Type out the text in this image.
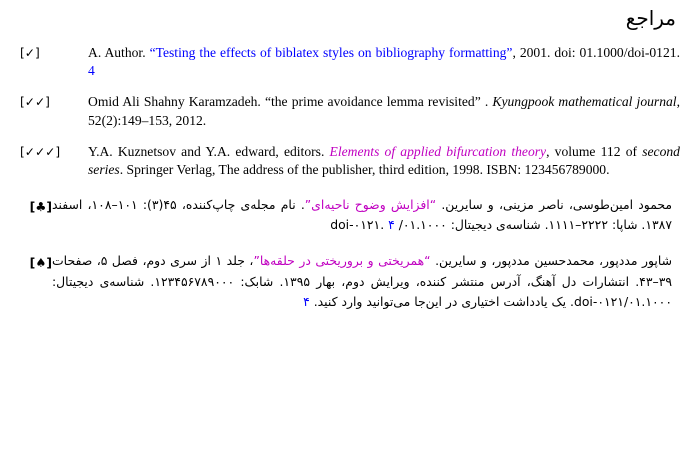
مراجع
[✓]	A. Author. “Testing the effects of biblatex styles on bibliography formatting”, 2001. doi: 01.1000/doi-0121. 4
[✓✓]	Omid Ali Shahny Karamzadeh. “the prime avoidance lemma revisited” . Kyungpook mathematical journal, 52(2):149–153, 2012.
[✓✓✓]	Y.A. Kuznetsov and Y.A. edward, editors. Elements of applied bifurcation theory, volume 112 of second series. Springer Verlag, The address of the publisher, third edition, 1998. ISBN: 123456789000.
[♣]	محمود امین‌طوسی، ناصر مزینی، و سایرین. “افزایش وضوح ناحیه‌ای”. نام مجله‌ی چاپ‌کننده، ۴۵(۳): ۱۰۱–۱۰۸، اسفند ۱۳۸۷. شاپا: ۲۲۲۲–۱۱۱۱. شناسه‌ی دیجیتال: ۰۱.۱۰۰۰/ doi-۰۱۲۱. ۴
[♠]	شاپور مددپور، محمدحسین مددپور، و سایرین. “همریختی و بروریختی در حلقه‌ها”، جلد ۱ از سری دوم، فصل ۵، صفحات ۳۹–۴۳. انتشارات دل آهنگ، آدرس منتشر کننده، ویرایش دوم، بهار ۱۳۹۵. شابک: ۱۲۳۴۵۶۷۸۹۰۰۰. شناسه‌ی دیجیتال: ۰۱.۱۰۰۰/doi-۰۱۲۱. یک یادداشت اختیاری در این‌جا می‌توانید وارد کنید. ۴
